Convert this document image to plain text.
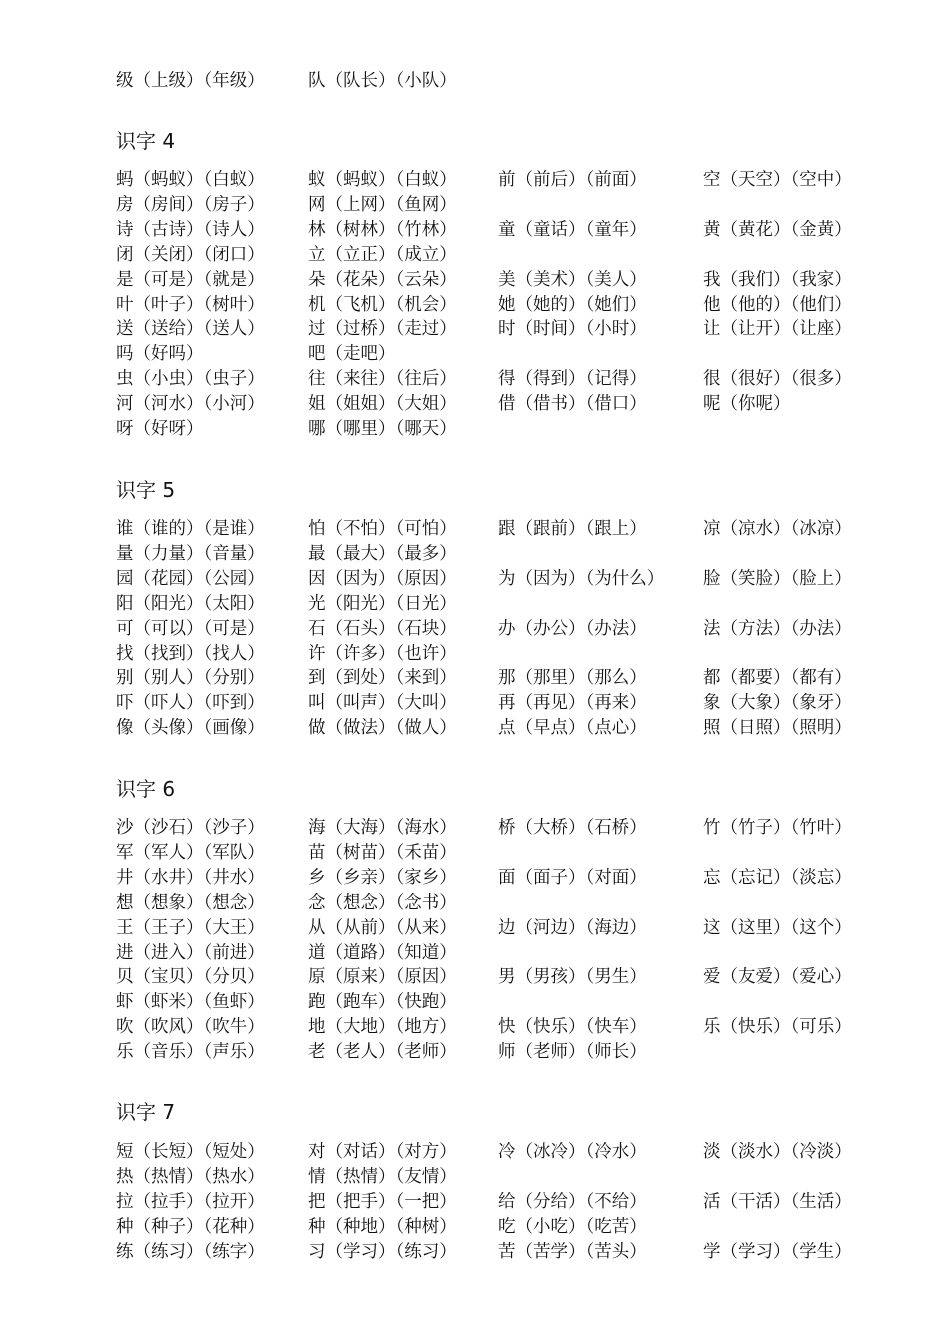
级（上级）（年级） 队（队长）（小队）
识字 4
蚂（蚂蚁）（白蚁） 蚁（蚂蚁）（白蚁） 前（前后）（前面）	空（天空）（空中）
房（房间）（房子） 网（上网）（鱼网）
诗（古诗）（诗人） 林（树林）（竹林） 童（童话）（童年）	黄（黄花）（金黄）
闭（关闭）（闭口） 立（立正）（成立）
是（可是）（就是） 朵（花朵）（云朵） 美（美术）（美人）	我（我们）（我家）
叶（叶子）（树叶） 机（飞机）（机会） 她（她的）（她们）	他（他的）（他们）
送（送给）（送人） 过（过桥）（走过） 时（时间）（小时）	让（让开）（让座）
吗（好吗）	吧（走吧）
虫（小虫）（虫子） 往（来往）（往后） 得（得到）（记得）	很（很好）（很多）
河（河水）（小河） 姐（姐姐）（大姐） 借（借书）（借口）	呢（你呢）
呀（好呀）	哪（哪里）（哪天）
识字 5
谁（谁的）（是谁） 怕（不怕）（可怕） 跟（跟前）（跟上）	凉（凉水）（冰凉）
量（力量）（音量） 最（最大）（最多）
园（花园）（公园） 因（因为）（原因） 为（因为）（为什么） 脸（笑脸）（脸上）
阳（阳光）（太阳） 光（阳光）（日光）
可（可以）（可是） 石（石头）（石块） 办（办公）（办法）	法（方法）（办法）
找（找到）（找人） 许（许多）（也许）
别（别人）（分别） 到（到处）（来到） 那（那里）（那么）	都（都要）（都有）
吓（吓人）（吓到） 叫（叫声）（大叫） 再（再见）（再来）	象（大象）（象牙）
像（头像）（画像） 做（做法）（做人） 点（早点）（点心）	照（日照）（照明）
识字 6
沙（沙石）（沙子） 海（大海）（海水） 桥（大桥）（石桥）	竹（竹子）（竹叶）
军（军人）（军队） 苗（树苗）（禾苗）
井（水井）（井水） 乡（乡亲）（家乡） 面（面子）（对面）	忘（忘记）（淡忘）
想（想象）（想念） 念（想念）（念书）
王（王子）（大王） 从（从前）（从来） 边（河边）（海边）	这（这里）（这个）
进（进入）（前进） 道（道路）（知道）
贝（宝贝）（分贝） 原（原来）（原因） 男（男孩）（男生）	爱（友爱）（爱心）
虾（虾米）（鱼虾） 跑（跑车）（快跑）
吹（吹风）（吹牛） 地（大地）（地方） 快（快乐）（快车）	乐（快乐）（可乐）
乐（音乐）（声乐） 老（老人）（老师） 师（老师）（师长）
识字 7
短（长短）（短处） 对（对话）（对方） 冷（冰冷）（冷水）	淡（淡水）（冷淡）
热（热情）（热水） 情（热情）（友情）
拉（拉手）（拉开） 把（把手）（一把） 给（分给）（不给）	活（干活）（生活）
种（种子）（花种） 种（种地）（种树） 吃（小吃）（吃苦）
练（练习）（练字） 习（学习）（练习） 苦（苦学）（苦头）	学（学习）（学生）
